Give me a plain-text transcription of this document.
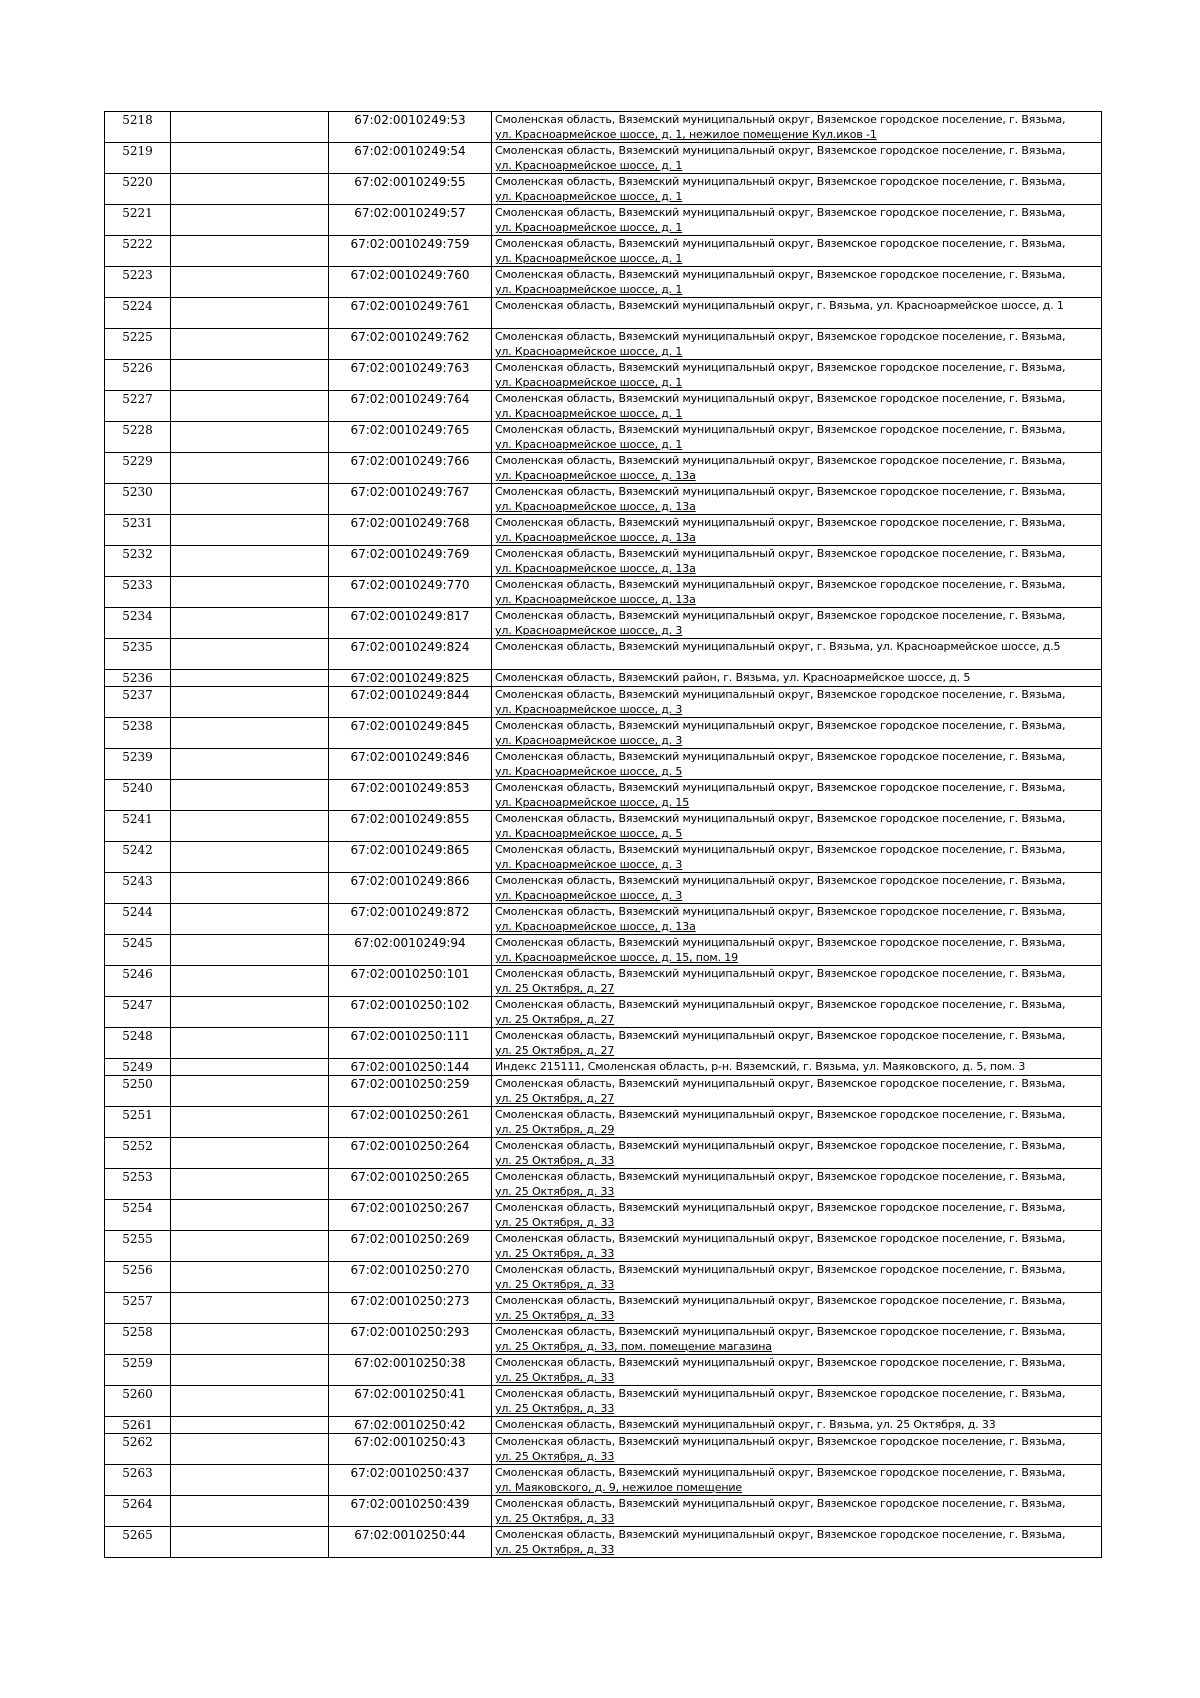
5218		67:02:0010249:53	Смоленская область, Вяземский муниципальный округ, Вяземское городское поселение, г. Вязьма,
ул. Красноармейское шоссе, д. 1, нежилое помещение Кул.иков -1

5219		67:02:0010249:54	Смоленская область, Вяземский муниципальный округ, Вяземское городское поселение, г. Вязьма,
ул. Красноармейское шоссе, д. 1

5220		67:02:0010249:55	Смоленская область, Вяземский муниципальный округ, Вяземское городское поселение, г. Вязьма,
ул. Красноармейское шоссе, д. 1

5221		67:02:0010249:57	Смоленская область, Вяземский муниципальный округ, Вяземское городское поселение, г. Вязьма,
ул. Красноармейское шоссе, д. 1

5222		67:02:0010249:759	Смоленская область, Вяземский муниципальный округ, Вяземское городское поселение, г. Вязьма,
ул. Красноармейское шоссе, д. 1

5223		67:02:0010249:760	Смоленская область, Вяземский муниципальный округ, Вяземское городское поселение, г. Вязьма,
ул. Красноармейское шоссе, д. 1

5224		67:02:0010249:761	Смоленская область, Вяземский муниципальный округ, г. Вязьма, ул. Красноармейское шоссе, д. 1

5225		67:02:0010249:762	Смоленская область, Вяземский муниципальный округ, Вяземское городское поселение, г. Вязьма,
ул. Красноармейское шоссе, д. 1

5226		67:02:0010249:763	Смоленская область, Вяземский муниципальный округ, Вяземское городское поселение, г. Вязьма,
ул. Красноармейское шоссе, д. 1

5227		67:02:0010249:764	Смоленская область, Вяземский муниципальный округ, Вяземское городское поселение, г. Вязьма,
ул. Красноармейское шоссе, д. 1

5228		67:02:0010249:765	Смоленская область, Вяземский муниципальный округ, Вяземское городское поселение, г. Вязьма,
ул. Красноармейское шоссе, д. 1

5229		67:02:0010249:766	Смоленская область, Вяземский муниципальный округ, Вяземское городское поселение, г. Вязьма,
ул. Красноармейское шоссе, д. 13а

5230		67:02:0010249:767	Смоленская область, Вяземский муниципальный округ, Вяземское городское поселение, г. Вязьма,
ул. Красноармейское шоссе, д. 13а

5231		67:02:0010249:768	Смоленская область, Вяземский муниципальный округ, Вяземское городское поселение, г. Вязьма,
ул. Красноармейское шоссе, д. 13а

5232		67:02:0010249:769	Смоленская область, Вяземский муниципальный округ, Вяземское городское поселение, г. Вязьма,
ул. Красноармейское шоссе, д. 13а

5233		67:02:0010249:770	Смоленская область, Вяземский муниципальный округ, Вяземское городское поселение, г. Вязьма,
ул. Красноармейское шоссе, д. 13а

5234		67:02:0010249:817	Смоленская область, Вяземский муниципальный округ, Вяземское городское поселение, г. Вязьма,
ул. Красноармейское шоссе, д. 3

5235		67:02:0010249:824	Смоленская область, Вяземский муниципальный округ, г. Вязьма, ул. Красноармейское шоссе, д.5

5236		67:02:0010249:825	Смоленская область, Вяземский район, г. Вязьма, ул. Красноармейское шоссе, д. 5

5237		67:02:0010249:844	Смоленская область, Вяземский муниципальный округ, Вяземское городское поселение, г. Вязьма,
ул. Красноармейское шоссе, д. 3

5238		67:02:0010249:845	Смоленская область, Вяземский муниципальный округ, Вяземское городское поселение, г. Вязьма,
ул. Красноармейское шоссе, д. 3

5239		67:02:0010249:846	Смоленская область, Вяземский муниципальный округ, Вяземское городское поселение, г. Вязьма,
ул. Красноармейское шоссе, д. 5

5240		67:02:0010249:853	Смоленская область, Вяземский муниципальный округ, Вяземское городское поселение, г. Вязьма,
ул. Красноармейское шоссе, д. 15

5241		67:02:0010249:855	Смоленская область, Вяземский муниципальный округ, Вяземское городское поселение, г. Вязьма,
ул. Красноармейское шоссе, д. 5

5242		67:02:0010249:865	Смоленская область, Вяземский муниципальный округ, Вяземское городское поселение, г. Вязьма,
ул. Красноармейское шоссе, д. 3

5243		67:02:0010249:866	Смоленская область, Вяземский муниципальный округ, Вяземское городское поселение, г. Вязьма,
ул. Красноармейское шоссе, д. 3

5244		67:02:0010249:872	Смоленская область, Вяземский муниципальный округ, Вяземское городское поселение, г. Вязьма,
ул. Красноармейское шоссе, д. 13а

5245		67:02:0010249:94	Смоленская область, Вяземский муниципальный округ, Вяземское городское поселение, г. Вязьма,
ул. Красноармейское шоссе, д. 15, пом. 19

5246		67:02:0010250:101	Смоленская область, Вяземский муниципальный округ, Вяземское городское поселение, г. Вязьма,
ул. 25 Октября, д. 27

5247		67:02:0010250:102	Смоленская область, Вяземский муниципальный округ, Вяземское городское поселение, г. Вязьма,
ул. 25 Октября, д. 27

5248		67:02:0010250:111	Смоленская область, Вяземский муниципальный округ, Вяземское городское поселение, г. Вязьма,
ул. 25 Октября, д. 27

5249		67:02:0010250:144	Индекс 215111, Смоленская область, р-н. Вяземский, г. Вязьма, ул. Маяковского, д. 5, пом. 3

5250		67:02:0010250:259	Смоленская область, Вяземский муниципальный округ, Вяземское городское поселение, г. Вязьма,
ул. 25 Октября, д. 27

5251		67:02:0010250:261	Смоленская область, Вяземский муниципальный округ, Вяземское городское поселение, г. Вязьма,
ул. 25 Октября, д. 29

5252		67:02:0010250:264	Смоленская область, Вяземский муниципальный округ, Вяземское городское поселение, г. Вязьма,
ул. 25 Октября, д. 33

5253		67:02:0010250:265	Смоленская область, Вяземский муниципальный округ, Вяземское городское поселение, г. Вязьма,
ул. 25 Октября, д. 33

5254		67:02:0010250:267	Смоленская область, Вяземский муниципальный округ, Вяземское городское поселение, г. Вязьма,
ул. 25 Октября, д. 33

5255		67:02:0010250:269	Смоленская область, Вяземский муниципальный округ, Вяземское городское поселение, г. Вязьма,
ул. 25 Октября, д. 33

5256		67:02:0010250:270	Смоленская область, Вяземский муниципальный округ, Вяземское городское поселение, г. Вязьма,
ул. 25 Октября, д. 33

5257		67:02:0010250:273	Смоленская область, Вяземский муниципальный округ, Вяземское городское поселение, г. Вязьма,
ул. 25 Октября, д. 33

5258		67:02:0010250:293	Смоленская область, Вяземский муниципальный округ, Вяземское городское поселение, г. Вязьма,
ул. 25 Октября, д. 33, пом. помещение магазина

5259		67:02:0010250:38	Смоленская область, Вяземский муниципальный округ, Вяземское городское поселение, г. Вязьма,
ул. 25 Октября, д. 33

5260		67:02:0010250:41	Смоленская область, Вяземский муниципальный округ, Вяземское городское поселение, г. Вязьма,
ул. 25 Октября, д. 33

5261		67:02:0010250:42	Смоленская область, Вяземский муниципальный округ, г. Вязьма, ул. 25 Октября, д. 33

5262		67:02:0010250:43	Смоленская область, Вяземский муниципальный округ, Вяземское городское поселение, г. Вязьма,
ул. 25 Октября, д. 33

5263		67:02:0010250:437	Смоленская область, Вяземский муниципальный округ, Вяземское городское поселение, г. Вязьма,
ул. Маяковского, д. 9, нежилое помещение

5264		67:02:0010250:439	Смоленская область, Вяземский муниципальный округ, Вяземское городское поселение, г. Вязьма,
ул. 25 Октября, д. 33

5265		67:02:0010250:44	Смоленская область, Вяземский муниципальный округ, Вяземское городское поселение, г. Вязьма,
ул. 25 Октября, д. 33
